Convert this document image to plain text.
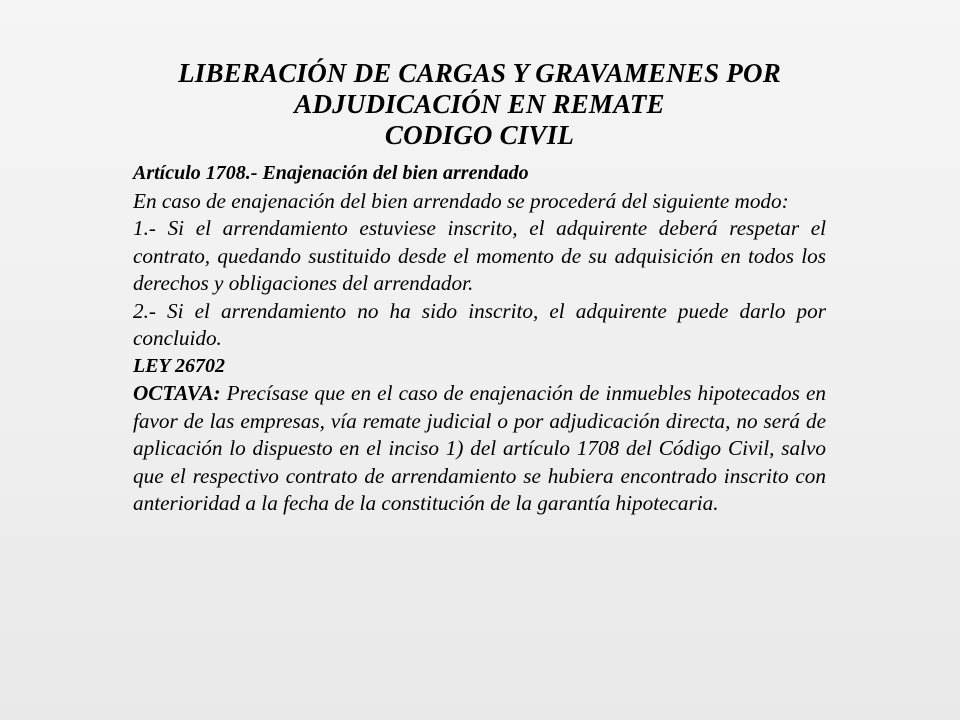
LIBERACIÓN DE CARGAS Y GRAVAMENES POR
ADJUDICACIÓN EN REMATE
CODIGO CIVIL

Artículo 1708.- Enajenación del bien arrendado

En caso de enajenación del bien arrendado se procederá del siguiente modo:

1.- Si el arrendamiento estuviese inscrito, el adquirente deberá respetar el contrato, quedando sustituido desde el momento de su adquisición en todos los derechos y obligaciones del arrendador.

2.- Si el arrendamiento no ha sido inscrito, el adquirente puede darlo por concluido.

LEY 26702

OCTAVA: Precísase que en el caso de enajenación de inmuebles hipotecados en favor de las empresas, vía remate judicial o por adjudicación directa, no será de aplicación lo dispuesto en el inciso 1) del artículo 1708 del Código Civil, salvo que el respectivo contrato de arrendamiento se hubiera encontrado inscrito con anterioridad a la fecha de la constitución de la garantía hipotecaria.
